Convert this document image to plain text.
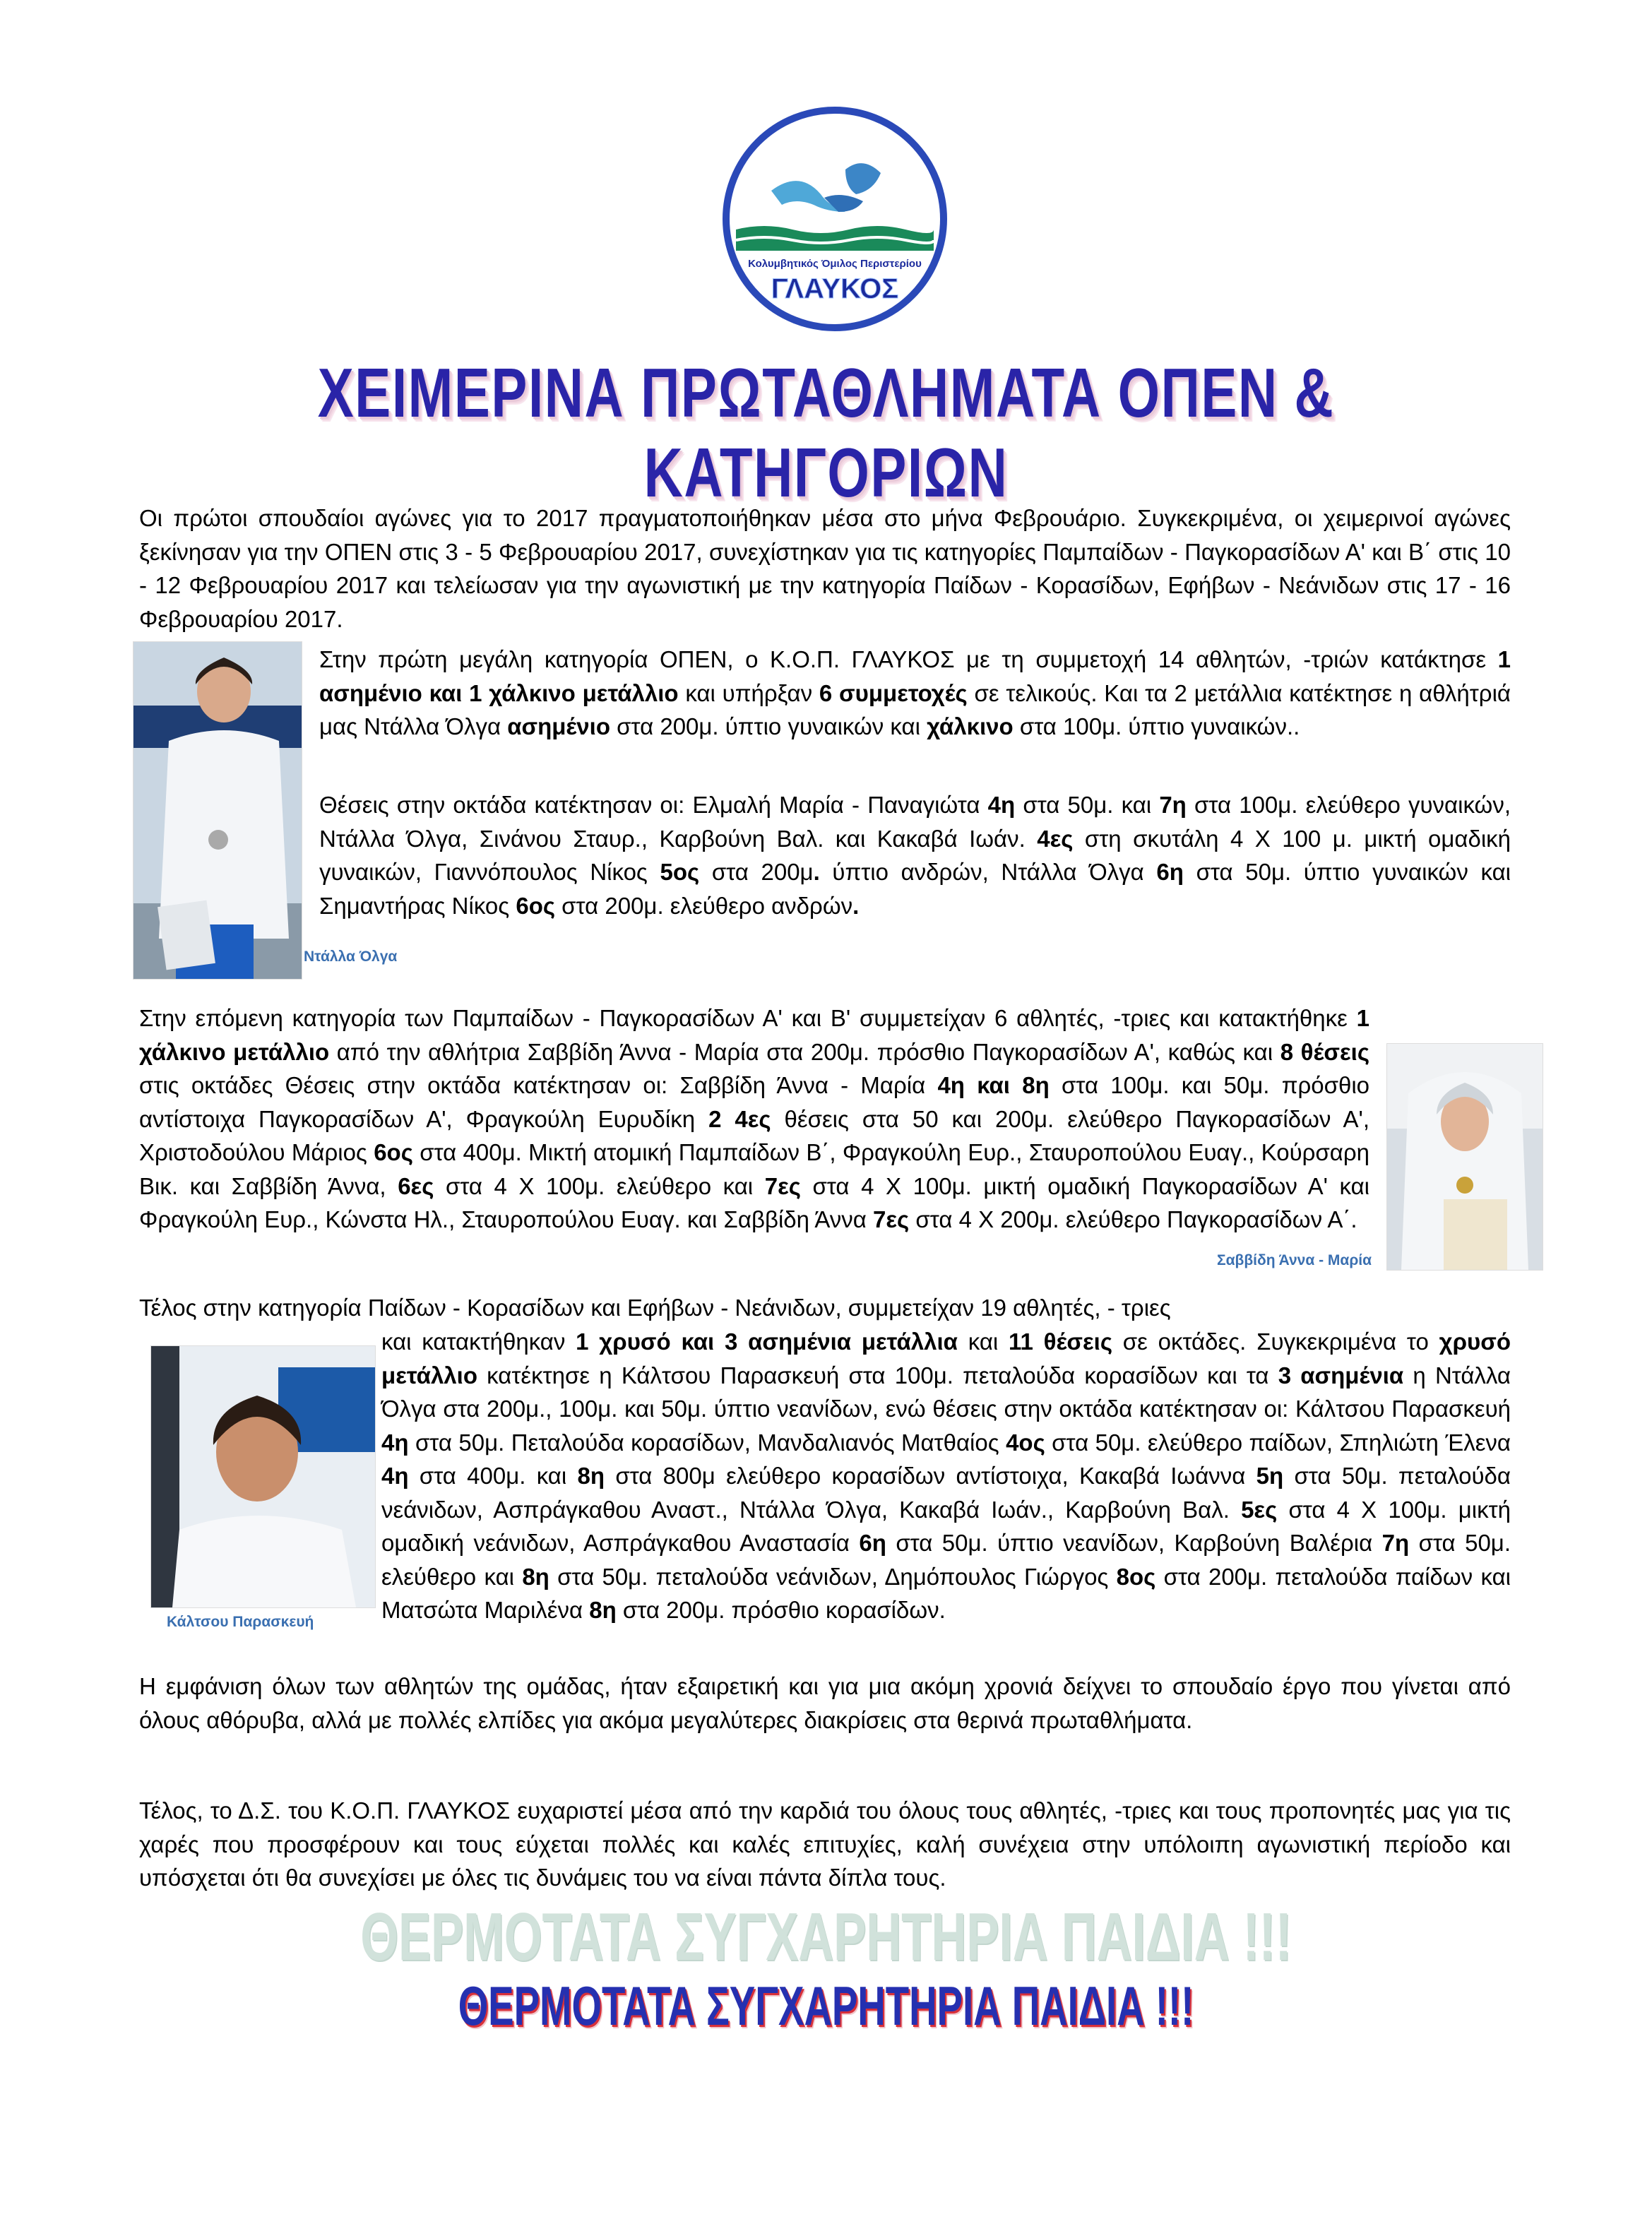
Κολυμβητικός Όμιλος Περιστερίου
ΓΛΑΥΚΟΣ
ΧΕΙΜΕΡΙΝΑ ΠΡΩΤΑΘΛΗΜΑΤΑ ΟΠΕΝ & ΚΑΤΗΓΟΡΙΩΝ
Οι πρώτοι σπουδαίοι αγώνες για το 2017 πραγματοποιήθηκαν μέσα στο μήνα Φεβρουάριο. Συγκεκριμένα, οι χειμερινοί αγώνες ξεκίνησαν για την ΟΠΕΝ στις 3 - 5 Φεβρουαρίου 2017, συνεχίστηκαν για τις κατηγορίες Παμπαίδων - Παγκορασίδων Α' και Β΄ στις 10 - 12 Φεβρουαρίου 2017 και τελείωσαν για την αγωνιστική με την κατηγορία Παίδων - Κορασίδων, Εφήβων - Νεάνιδων στις 17 - 16 Φεβρουαρίου 2017.
Ντάλλα Όλγα
Στην πρώτη μεγάλη κατηγορία ΟΠΕΝ, ο Κ.Ο.Π. ΓΛΑΥΚΟΣ με τη συμμετοχή 14 αθλητών, -τριών κατάκτησε 1 ασημένιο και 1 χάλκινο μετάλλιο και υπήρξαν 6 συμμετοχές σε τελικούς. Και τα 2 μετάλλια κατέκτησε η αθλήτριά μας Ντάλλα Όλγα ασημένιο στα 200μ. ύπτιο γυναικών και χάλκινο στα 100μ. ύπτιο γυναικών..
Θέσεις στην οκτάδα κατέκτησαν οι: Ελμαλή Μαρία - Παναγιώτα 4η στα 50μ. και 7η στα 100μ. ελεύθερο γυναικών, Ντάλλα Όλγα, Σινάνου Σταυρ., Καρβούνη Βαλ. και Κακαβά Ιωάν. 4ες στη σκυτάλη 4 Χ 100 μ. μικτή ομαδική γυναικών, Γιαννόπουλος Νίκος 5ος στα 200μ. ύπτιο ανδρών, Ντάλλα Όλγα 6η στα 50μ. ύπτιο γυναικών και Σημαντήρας Νίκος 6ος στα 200μ. ελεύθερο ανδρών.
Στην επόμενη κατηγορία των Παμπαίδων - Παγκορασίδων Α' και Β' συμμετείχαν 6 αθλητές, -τριες και κατακτήθηκε 1 χάλκινο μετάλλιο από την αθλήτρια Σαββίδη Άννα - Μαρία στα 200μ. πρόσθιο Παγκορασίδων Α', καθώς και 8 θέσεις στις οκτάδες Θέσεις στην οκτάδα κατέκτησαν οι: Σαββίδη Άννα - Μαρία 4η και 8η στα 100μ. και 50μ. πρόσθιο αντίστοιχα Παγκορασίδων Α', Φραγκούλη Ευρυδίκη 2 4ες θέσεις στα 50 και 200μ. ελεύθερο Παγκορασίδων Α', Χριστοδούλου Μάριος 6ος στα 400μ. Μικτή ατομική Παμπαίδων Β΄, Φραγκούλη Ευρ., Σταυροπούλου Ευαγ., Κούρσαρη Βικ. και Σαββίδη Άννα, 6ες στα 4 Χ 100μ. ελεύθερο και 7ες στα 4 Χ 100μ. μικτή ομαδική Παγκορασίδων Α' και Φραγκούλη Ευρ., Κώνστα Ηλ., Σταυροπούλου Ευαγ. και Σαββίδη Άννα 7ες στα 4 Χ 200μ. ελεύθερο Παγκορασίδων Α΄.
Σαββίδη Άννα - Μαρία
Τέλος στην κατηγορία Παίδων - Κορασίδων και Εφήβων - Νεάνιδων, συμμετείχαν 19 αθλητές, - τριες
και κατακτήθηκαν 1 χρυσό και 3 ασημένια μετάλλια και 11 θέσεις σε οκτάδες. Συγκεκριμένα το χρυσό μετάλλιο κατέκτησε η Κάλτσου Παρασκευή στα 100μ. πεταλούδα κορασίδων και τα 3 ασημένια η Ντάλλα Όλγα στα 200μ., 100μ. και 50μ. ύπτιο νεανίδων, ενώ θέσεις στην οκτάδα κατέκτησαν οι: Κάλτσου Παρασκευή 4η στα 50μ. Πεταλούδα κορασίδων, Μανδαλιανός Ματθαίος 4ος στα 50μ. ελεύθερο παίδων, Σπηλιώτη Έλενα 4η στα 400μ. και 8η στα 800μ ελεύθερο κορασίδων αντίστοιχα, Κακαβά Ιωάννα 5η στα 50μ. πεταλούδα νεάνιδων, Ασπράγκαθου Αναστ., Ντάλλα Όλγα, Κακαβά Ιωάν., Καρβούνη Βαλ. 5ες στα 4 Χ 100μ. μικτή ομαδική νεάνιδων, Ασπράγκαθου Αναστασία 6η στα 50μ. ύπτιο νεανίδων, Καρβούνη Βαλέρια 7η στα 50μ. ελεύθερο και 8η στα 50μ. πεταλούδα νεάνιδων, Δημόπουλος Γιώργος 8ος στα 200μ. πεταλούδα παίδων και Ματσώτα Μαριλένα 8η στα 200μ. πρόσθιο κορασίδων.
Κάλτσου Παρασκευή
Η εμφάνιση όλων των αθλητών της ομάδας, ήταν εξαιρετική και για μια ακόμη χρονιά δείχνει το σπουδαίο έργο που γίνεται από όλους αθόρυβα, αλλά με πολλές ελπίδες για ακόμα μεγαλύτερες διακρίσεις στα θερινά πρωταθλήματα.
Τέλος, το Δ.Σ. του Κ.Ο.Π. ΓΛΑΥΚΟΣ ευχαριστεί μέσα από την καρδιά του όλους τους αθλητές, -τριες και τους προπονητές μας για τις χαρές που προσφέρουν και τους εύχεται πολλές και καλές επιτυχίες, καλή συνέχεια στην υπόλοιπη αγωνιστική περίοδο και υπόσχεται ότι θα συνεχίσει με όλες τις δυνάμεις του να είναι πάντα δίπλα τους.
ΘΕΡΜΟΤΑΤΑ ΣΥΓΧΑΡΗΤΗΡΙΑ ΠΑΙΔΙΑ !!!
ΘΕΡΜΟΤΑΤΑ ΣΥΓΧΑΡΗΤΗΡΙΑ ΠΑΙΔΙΑ !!!
